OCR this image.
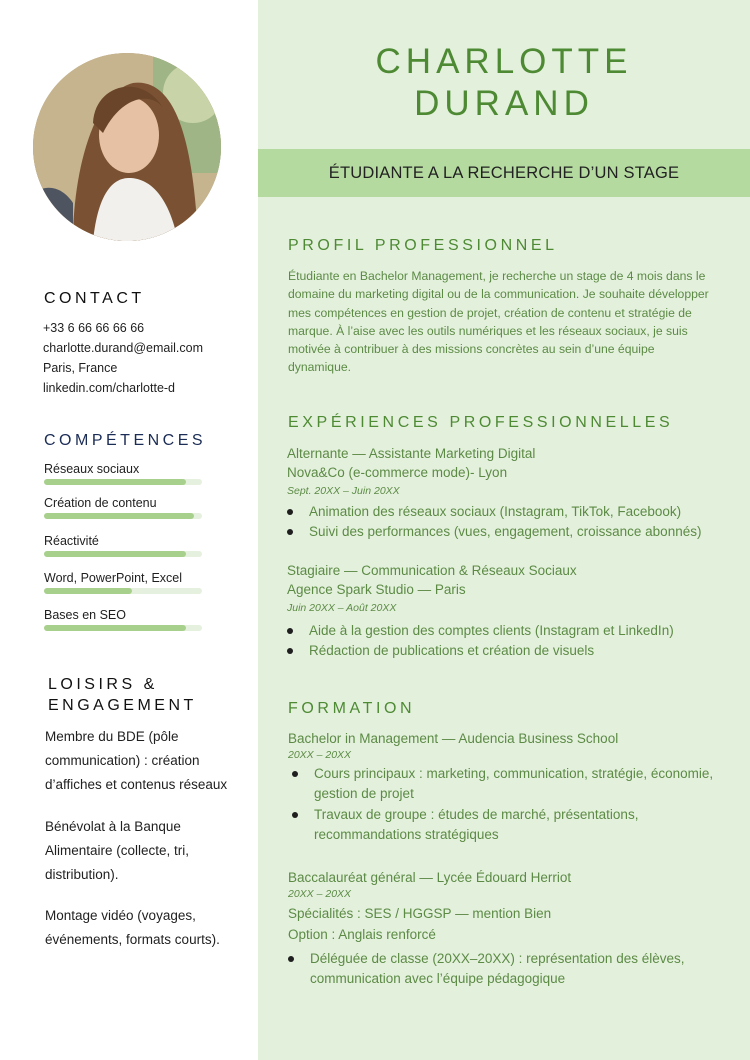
CONTACT
+33 6 66 66 66 66
charlotte.durand@email.com
Paris, France
linkedin.com/charlotte-d
COMPÉTENCES
Réseaux sociaux
Création de contenu
Réactivité
Word, PowerPoint, Excel
Bases en SEO
LOISIRS &
ENGAGEMENT
Membre du BDE (pôle communication) : création d’affiches et contenus réseaux
Bénévolat à la Banque Alimentaire (collecte, tri, distribution).
Montage vidéo (voyages, événements, formats courts).
CHARLOTTE
DURAND
ÉTUDIANTE A LA RECHERCHE D’UN STAGE
PROFIL PROFESSIONNEL
Étudiante en Bachelor Management, je recherche un stage de 4 mois dans le domaine du marketing digital ou de la communication. Je souhaite développer mes compétences en gestion de projet, création de contenu et stratégie de marque. À l’aise avec les outils numériques et les réseaux sociaux, je suis motivée à contribuer à des missions concrètes au sein d’une équipe dynamique.
EXPÉRIENCES PROFESSIONNELLES
Alternante — Assistante Marketing Digital
Nova&Co (e-commerce mode)- Lyon
Sept. 20XX – Juin 20XX
Animation des réseaux sociaux (Instagram, TikTok, Facebook)
Suivi des performances (vues, engagement, croissance abonnés)
Stagiaire — Communication & Réseaux Sociaux
Agence Spark Studio — Paris
Juin 20XX – Août 20XX
Aide à la gestion des comptes clients (Instagram et LinkedIn)
Rédaction de publications et création de visuels
FORMATION
Bachelor in Management — Audencia Business School
20XX – 20XX
Cours principaux : marketing, communication, stratégie, économie, gestion de projet
Travaux de groupe : études de marché, présentations, recommandations stratégiques
Baccalauréat général — Lycée Édouard Herriot
20XX – 20XX
Spécialités : SES / HGGSP — mention Bien
Option : Anglais renforcé
Déléguée de classe (20XX–20XX) : représentation des élèves, communication avec l’équipe pédagogique
